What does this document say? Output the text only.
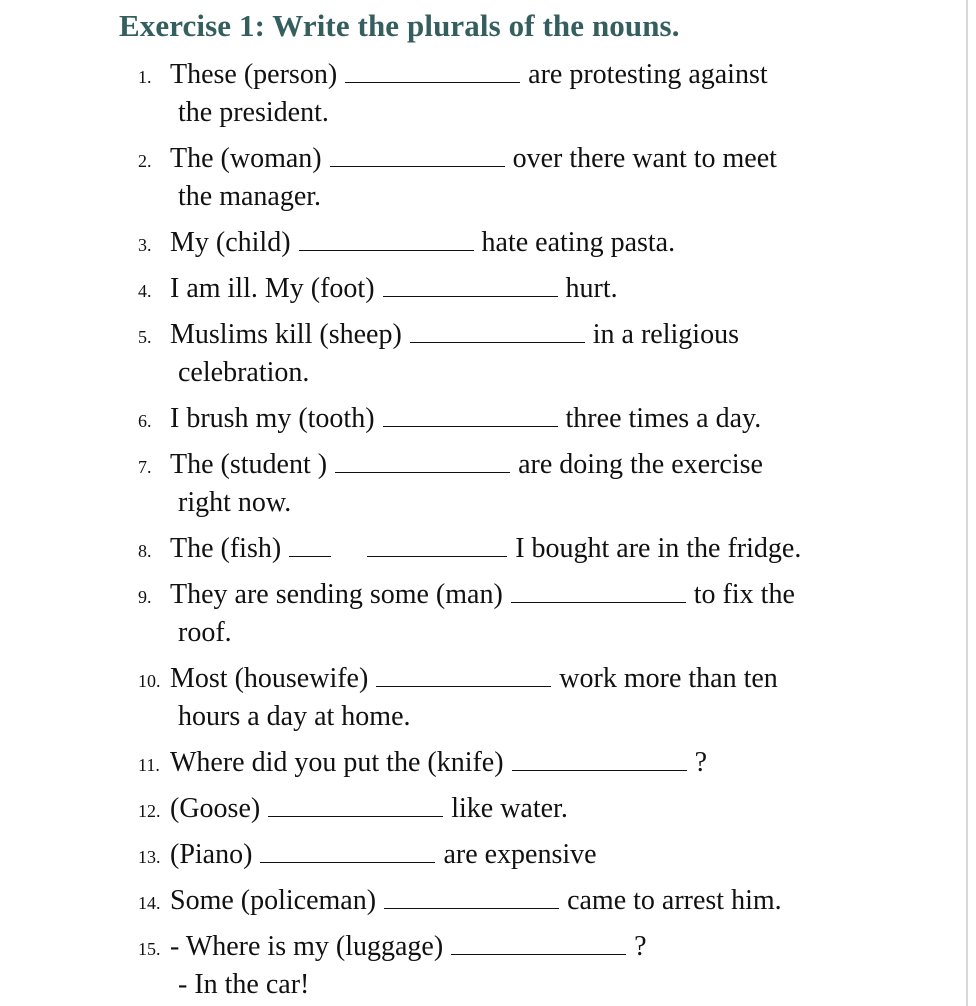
Exercise 1: Write the plurals of the nouns.
1. These (person)	are protesting against
the president.
2. The (woman)	over there want to meet
the manager.
3. My (child)	hate eating pasta.
4. I am ill. My (foot)	hurt.
5. Muslims kill (sheep)	in a religious
celebration.
6. I brush my (tooth)	three times a day.
7. The (student )	are doing the exercise
right now.
8. The (fish)	I bought are in the fridge.
9. They are sending some (man)	to fix the
roof.
10. Most (housewife)	work more than ten
hours a day at home.
11. Where did you put the (knife)	?
12. (Goose)	like water.
13. (Piano)	are expensive
14. Some (policeman)	came to arrest him.
15. - Where is my (luggage)	?
- In the car!
